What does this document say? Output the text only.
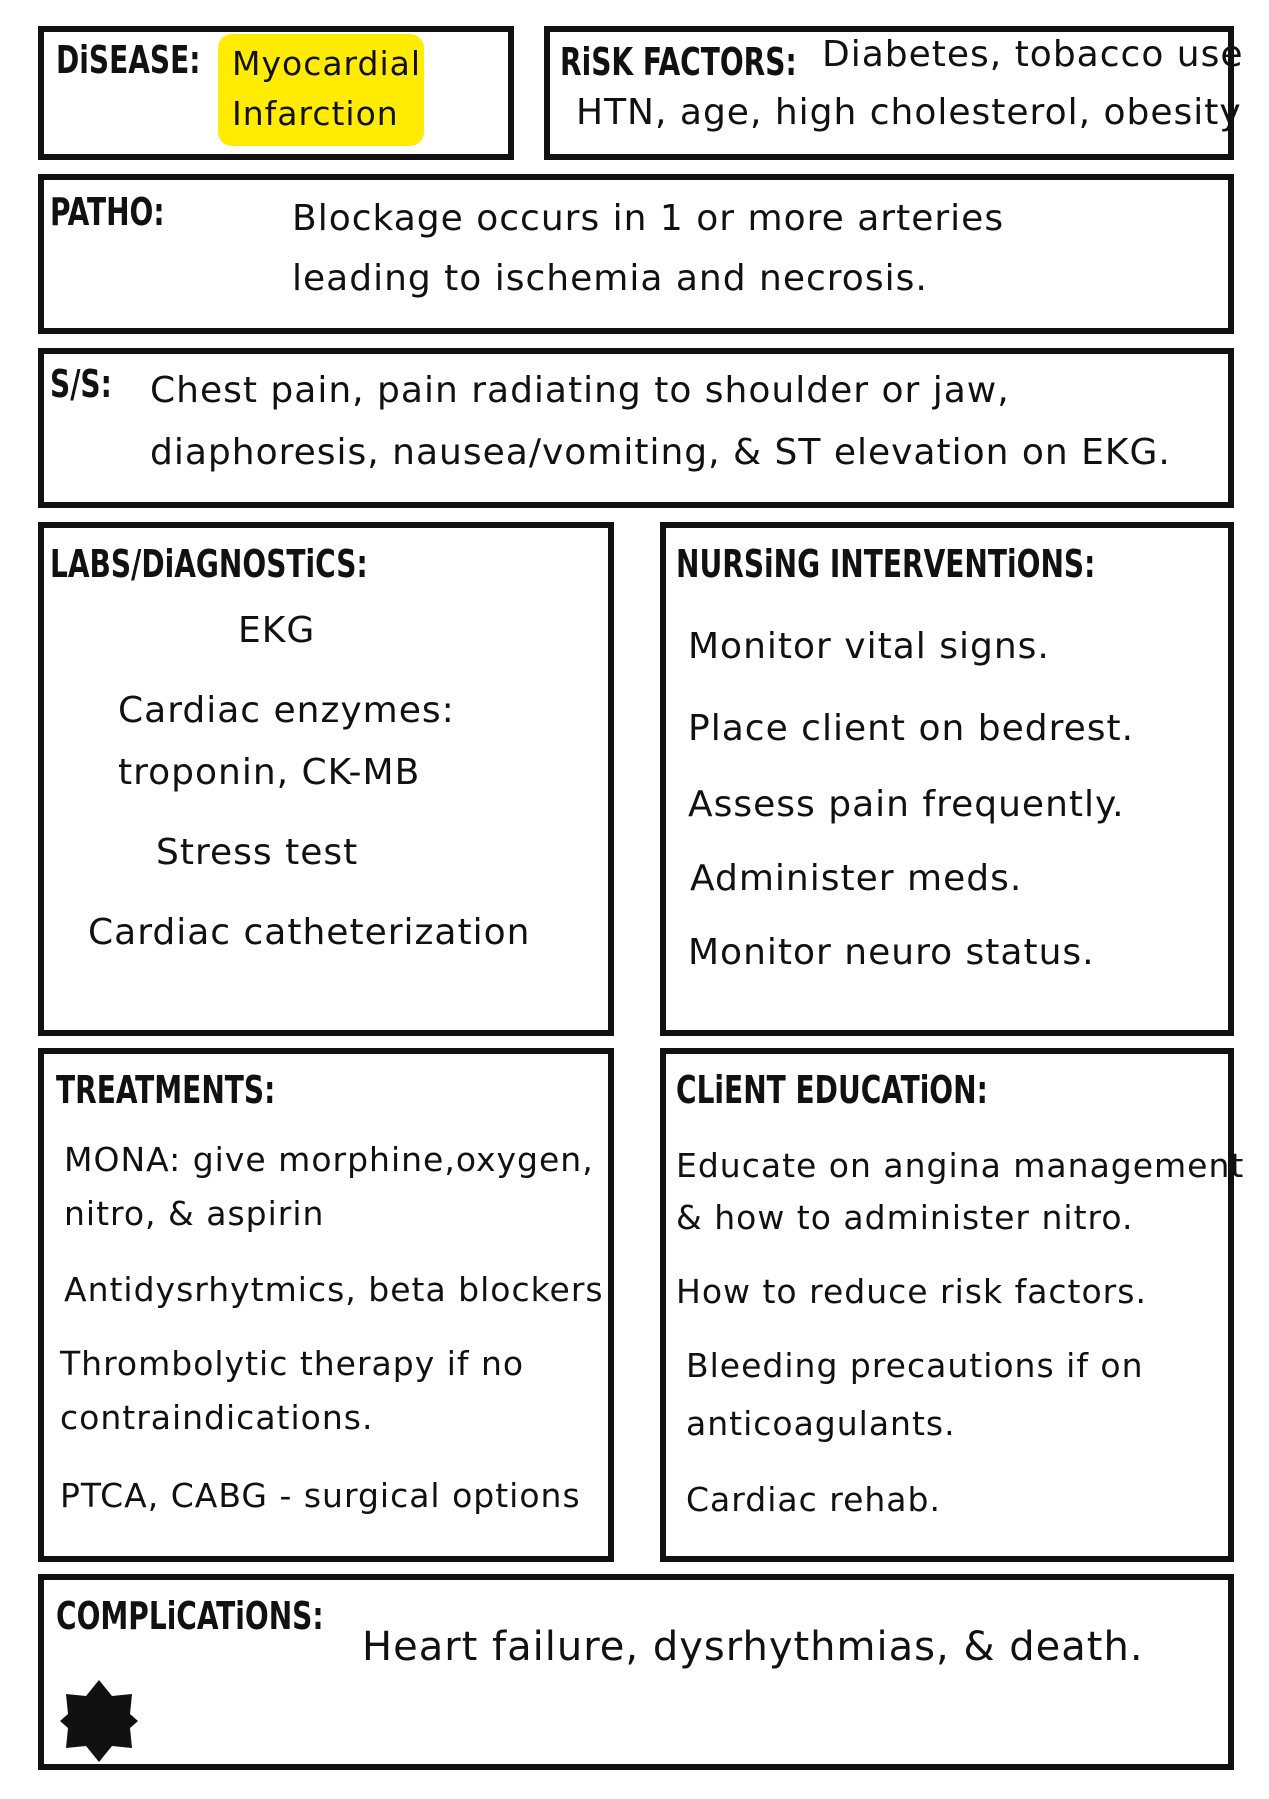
DiSEASE: Myocardial
Infarction
RiSK FACTORS: Diabetes, tobacco use
HTN, age, high cholesterol, obesity
PATHO:	Blockage occurs in 1 or more arteries
leading to ischemia and necrosis.
S/S: Chest pain, pain radiating to shoulder or jaw,
diaphoresis, nausea/vomiting, & ST elevation on EKG.
LABS/DiAGNOSTiCS:
EKG
Cardiac enzymes:
troponin, CK-MB
Stress test
Cardiac catheterization
NURSiNG INTERVENTiONS:
Monitor vital signs.
Place client on bedrest.
Assess pain frequently.
Administer meds.
Monitor neuro status.
TREATMENTS:
MONA: give morphine,oxygen,
nitro, & aspirin
Antidysrhytmics, beta blockers
Thrombolytic therapy if no
contraindications.
PTCA, CABG - surgical options
CLiENT EDUCATiON:
Educate on angina management
& how to administer nitro.
How to reduce risk factors.
Bleeding precautions if on
anticoagulants.
Cardiac rehab.
COMPLiCATiONS:
Heart failure, dysrhythmias, & death.
